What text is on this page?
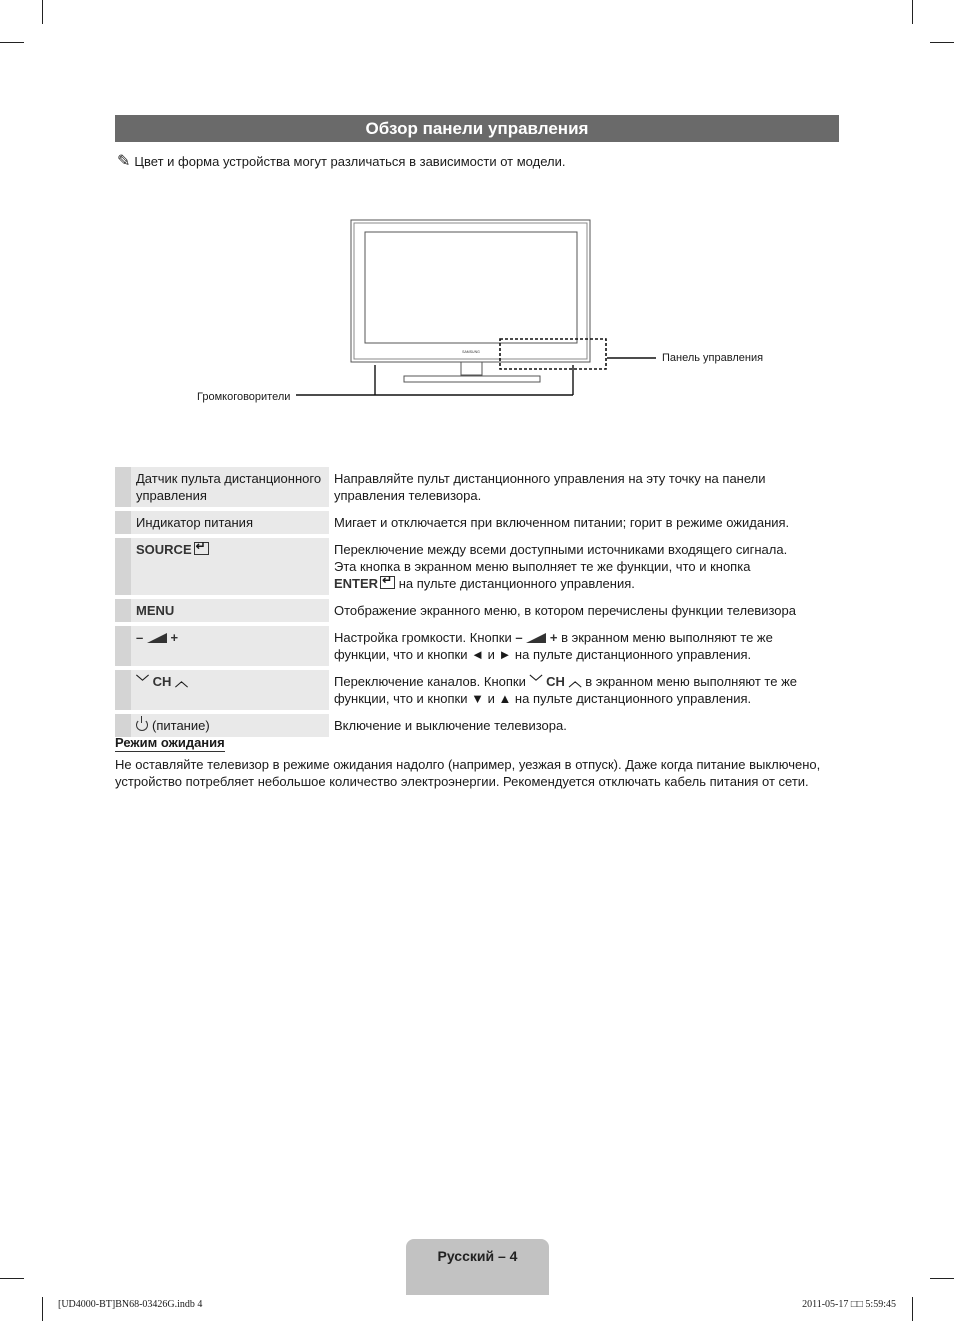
Обзор панели управления
✎ Цвет и форма устройства могут различаться в зависимости от модели.
SAMSUNG	Панель управления
Громкоговорители
	Датчик пульта дистанционного управления	Направляйте пульт дистанционного управления на эту точку на панели управления телевизора.
	Индикатор питания	Мигает и отключается при включенном питании; горит в режиме ожидания.
	SOURCE↵	Переключение между всеми доступными источниками входящего сигнала.
Эта кнопка в экранном меню выполняет те же функции, что и кнопка
ENTER ↵ на пульте дистанционного управления.

	MENU	Отображение экранного меню, в котором перечислены функции телевизора
	– +	Настройка громкости. Кнопки – + в экранном меню выполняют те же
функции, что и кнопки ◄ и ► на пульте дистанционного управления.

	﹀ CH ︿	Переключение каналов. Кнопки ﹀ CH ︿ в экранном меню выполняют те же
функции, что и кнопки ▼ и ▲ на пульте дистанционного управления.

	(питание)	Включение и выключение телевизора.
Режим ожидания
Не оставляйте телевизор в режиме ожидания надолго (например, уезжая в отпуск). Даже когда питание выключено, устройство потребляет небольшое количество электроэнергии. Рекомендуется отключать кабель питания от сети.
Русский – 4
[UD4000-BT]BN68-03426G.indb 4	2011-05-17 □□ 5:59:45
